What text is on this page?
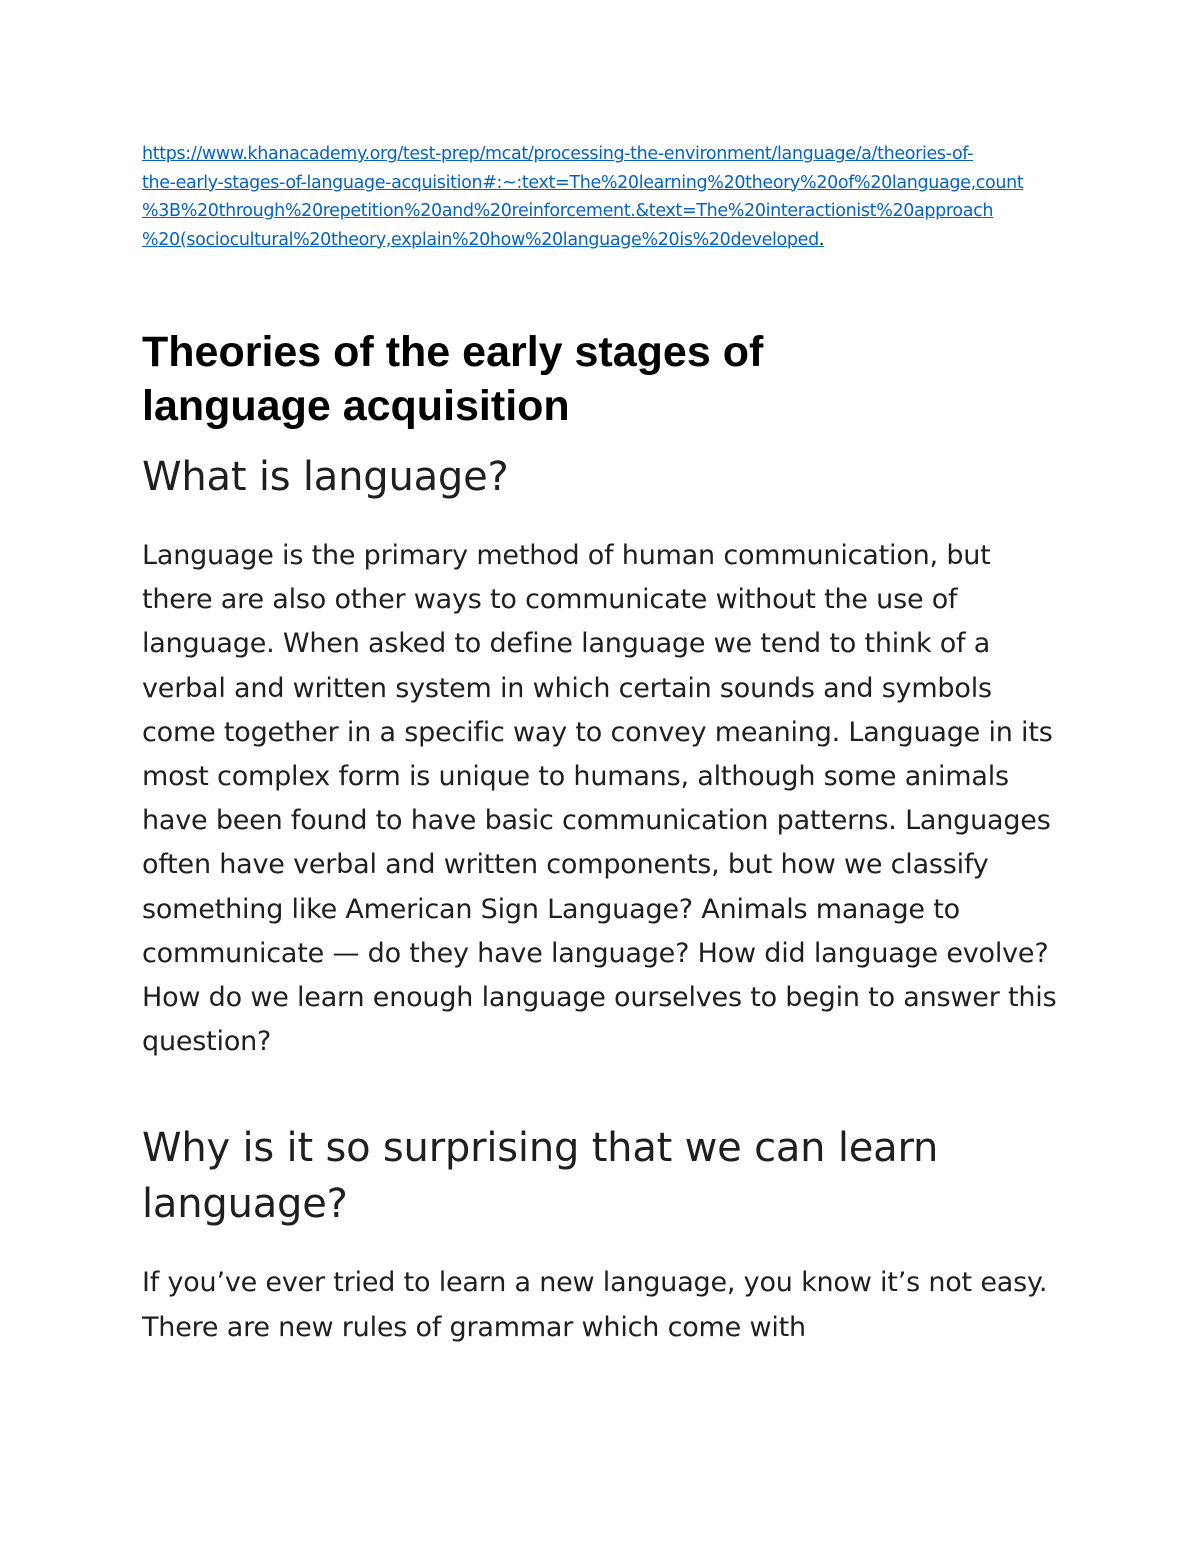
https://www.khanacademy.org/test-prep/mcat/processing-the-environment/language/a/theories-of-
the-early-stages-of-language-acquisition#:~:text=The%20learning%20theory%20of%20language,count
%3B%20through%20repetition%20and%20reinforcement.&text=The%20interactionist%20approach
%20(sociocultural%20theory,explain%20how%20language%20is%20developed.

Theories of the early stages of
language acquisition
What is language?

Language is the primary method of human communication, but there are also other ways to communicate without the use of language. When asked to define language we tend to think of a verbal and written system in which certain sounds and symbols come together in a specific way to convey meaning. Language in its most complex form is unique to humans, although some animals have been found to have basic communication patterns. Languages often have verbal and written components, but how we classify something like American Sign Language? Animals manage to communicate — do they have language? How did language evolve? How do we learn enough language ourselves to begin to answer this question?

Why is it so surprising that we can learn language?

If you’ve ever tried to learn a new language, you know it’s not easy. There are new rules of grammar which come with
